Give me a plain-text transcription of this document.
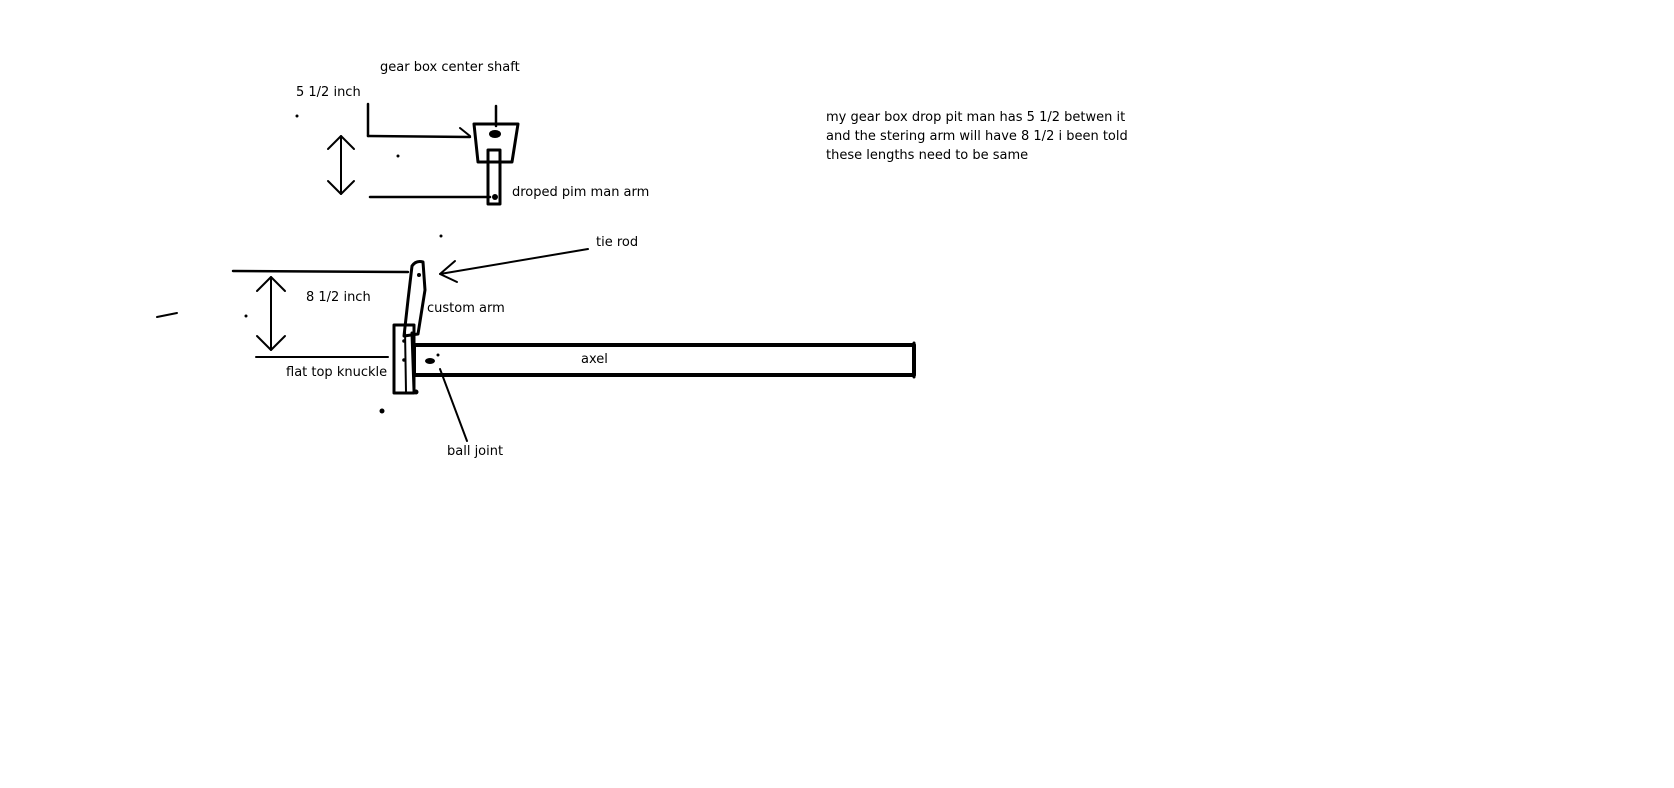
gear box center shaft
5 1/2 inch
droped pim man arm
tie rod
8 1/2 inch
custom arm
axel
flat top knuckle
ball joint
my gear box drop pit man has 5 1/2 betwen it
and the stering arm will have 8 1/2 i been told
these lengths need to be same
